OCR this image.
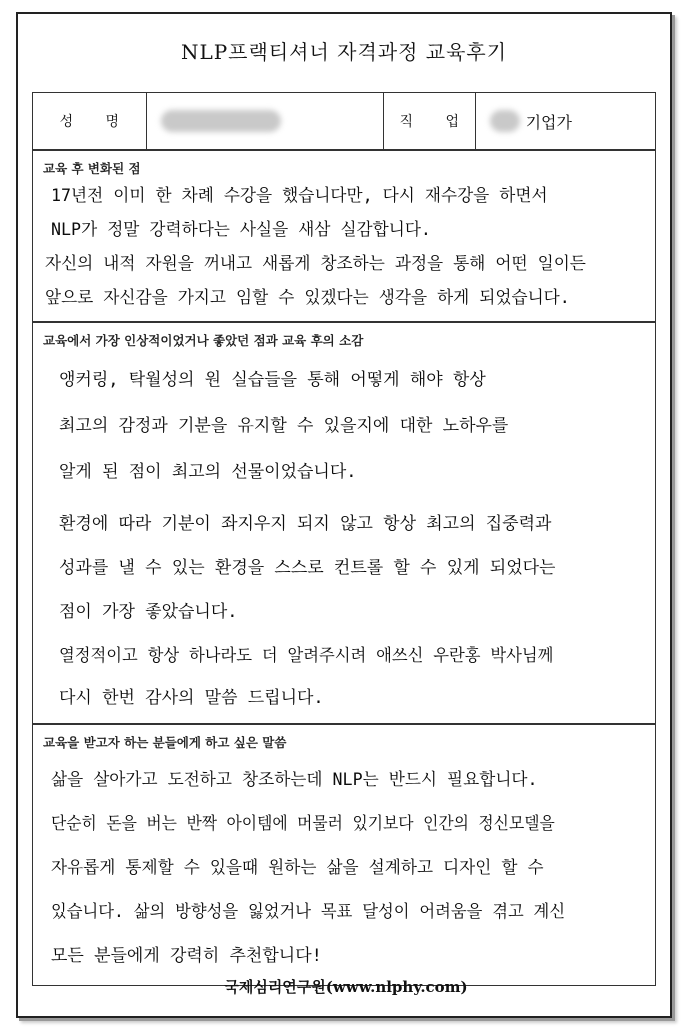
NLP프랙티셔너 자격과정 교육후기
성 명	직 업	기업가
교육 후 변화된 점
17년전 이미 한 차례 수강을 했습니다만, 다시 재수강을 하면서
NLP가 정말 강력하다는 사실을 새삼 실감합니다.
자신의 내적 자원을 꺼내고 새롭게 창조하는 과정을 통해 어떤 일이든
앞으로 자신감을 가지고 임할 수 있겠다는 생각을 하게 되었습니다.
교육에서 가장 인상적이었거나 좋았던 점과 교육 후의 소감
앵커링, 탁월성의 원 실습들을 통해 어떻게 해야 항상
최고의 감정과 기분을 유지할 수 있을지에 대한 노하우를
알게 된 점이 최고의 선물이었습니다.
환경에 따라 기분이 좌지우지 되지 않고 항상 최고의 집중력과
성과를 낼 수 있는 환경을 스스로 컨트롤 할 수 있게 되었다는
점이 가장 좋았습니다.
열정적이고 항상 하나라도 더 알려주시려 애쓰신 우란홍 박사님께
다시 한번 감사의 말씀 드립니다.
교육을 받고자 하는 분들에게 하고 싶은 말씀
삶을 살아가고 도전하고 창조하는데 NLP는 반드시 필요합니다.
단순히 돈을 버는 반짝 아이템에 머물러 있기보다 인간의 정신모델을
자유롭게 통제할 수 있을때 원하는 삶을 설계하고 디자인 할 수
있습니다. 삶의 방향성을 잃었거나 목표 달성이 어려움을 겪고 계신
모든 분들에게 강력히 추천합니다!
국제심리연구원(www.nlphy.com)
